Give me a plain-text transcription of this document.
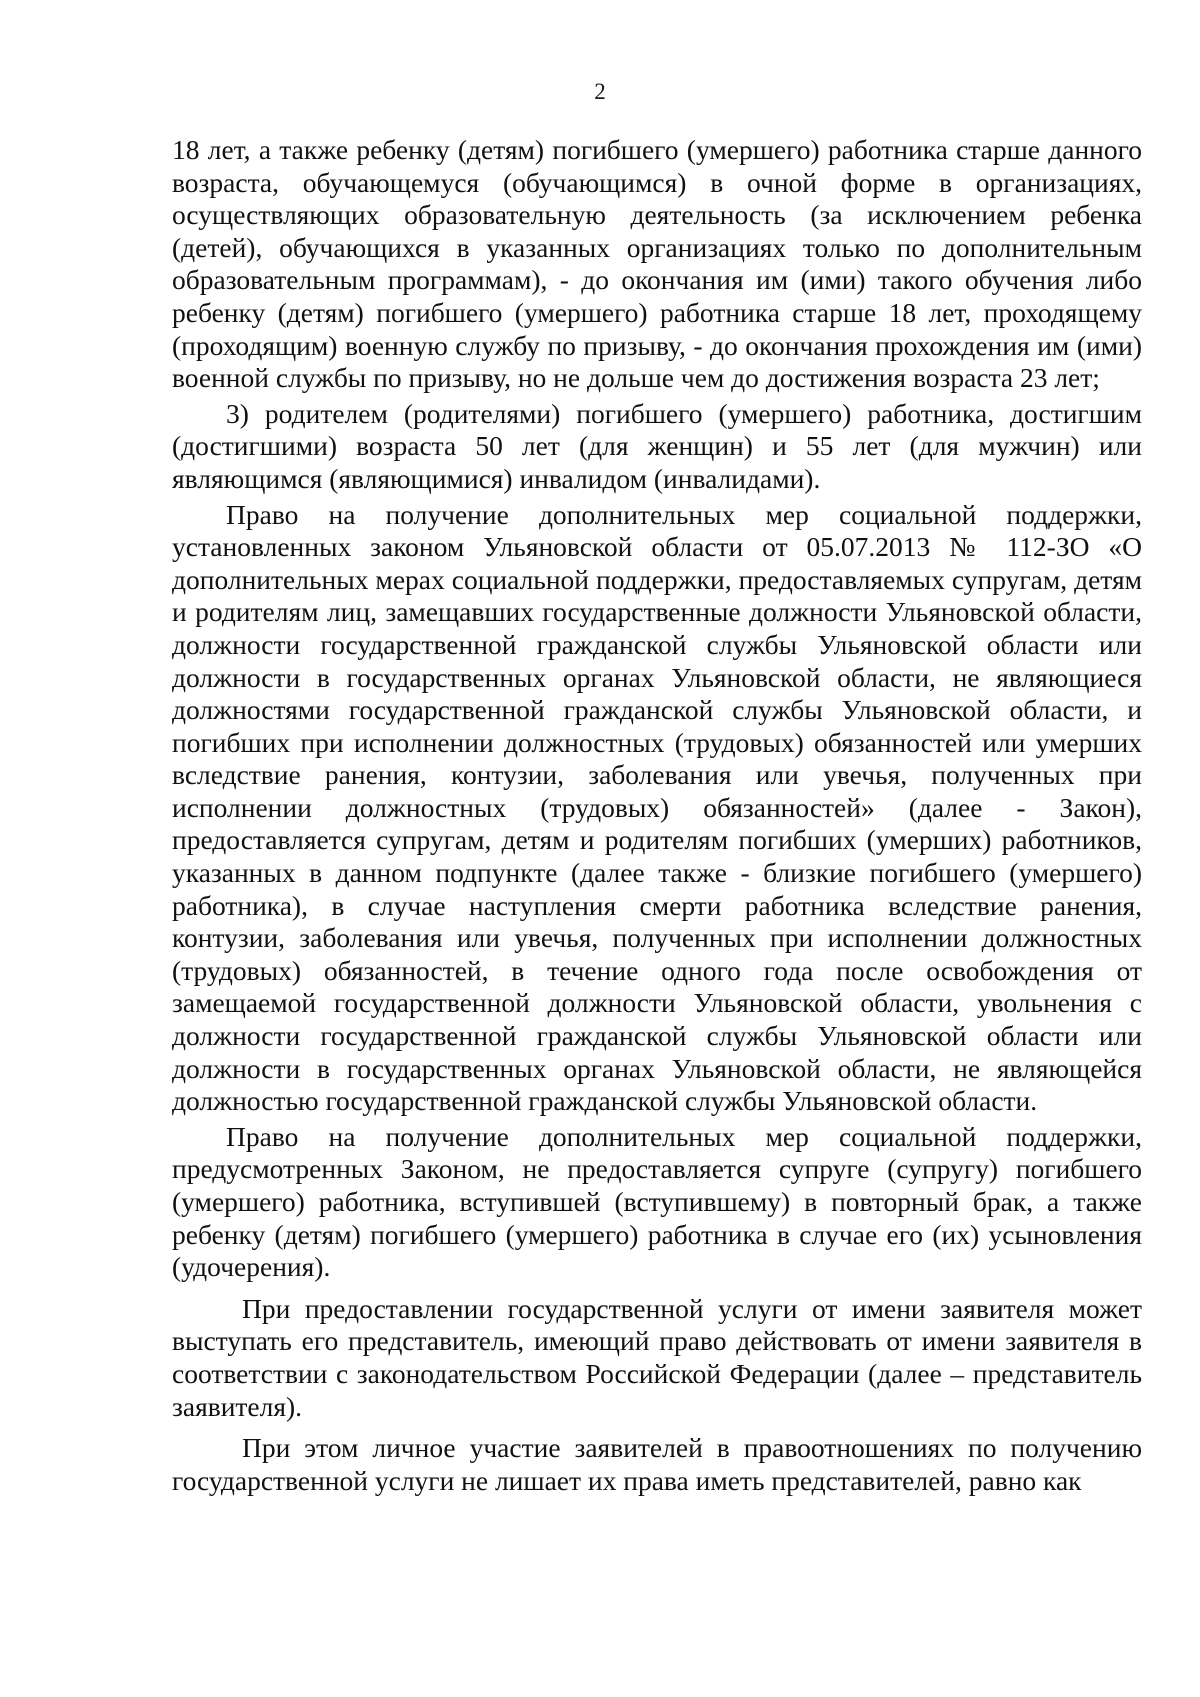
2

18 лет, а также ребенку (детям) погибшего (умершего) работника старше данного возраста, обучающемуся (обучающимся) в очной форме в организациях, осуществляющих образовательную деятельность (за исключением ребенка (детей), обучающихся в указанных организациях только по дополнительным образовательным программам), - до окончания им (ими) такого обучения либо ребенку (детям) погибшего (умершего) работника старше 18 лет, проходящему (проходящим) военную службу по призыву, - до окончания прохождения им (ими) военной службы по призыву, но не дольше чем до достижения возраста 23 лет;

3) родителем (родителями) погибшего (умершего) работника, достигшим (достигшими) возраста 50 лет (для женщин) и 55 лет (для мужчин) или являющимся (являющимися) инвалидом (инвалидами).

Право на получение дополнительных мер социальной поддержки, установленных законом Ульяновской области от 05.07.2013 № 112-ЗО «О дополнительных мерах социальной поддержки, предоставляемых супругам, детям и родителям лиц, замещавших государственные должности Ульяновской области, должности государственной гражданской службы Ульяновской области или должности в государственных органах Ульяновской области, не являющиеся должностями государственной гражданской службы Ульяновской области, и погибших при исполнении должностных (трудовых) обязанностей или умерших вследствие ранения, контузии, заболевания или увечья, полученных при исполнении должностных (трудовых) обязанностей» (далее - Закон), предоставляется супругам, детям и родителям погибших (умерших) работников, указанных в данном подпункте (далее также - близкие погибшего (умершего) работника), в случае наступления смерти работника вследствие ранения, контузии, заболевания или увечья, полученных при исполнении должностных (трудовых) обязанностей, в течение одного года после освобождения от замещаемой государственной должности Ульяновской области, увольнения с должности государственной гражданской службы Ульяновской области или должности в государственных органах Ульяновской области, не являющейся должностью государственной гражданской службы Ульяновской области.

Право на получение дополнительных мер социальной поддержки, предусмотренных Законом, не предоставляется супруге (супругу) погибшего (умершего) работника, вступившей (вступившему) в повторный брак, а также ребенку (детям) погибшего (умершего) работника в случае его (их) усыновления (удочерения).

При предоставлении государственной услуги от имени заявителя может выступать его представитель, имеющий право действовать от имени заявителя в соответствии с законодательством Российской Федерации (далее – представитель заявителя).

При этом личное участие заявителей в правоотношениях по получению государственной услуги не лишает их права иметь представителей, равно как
